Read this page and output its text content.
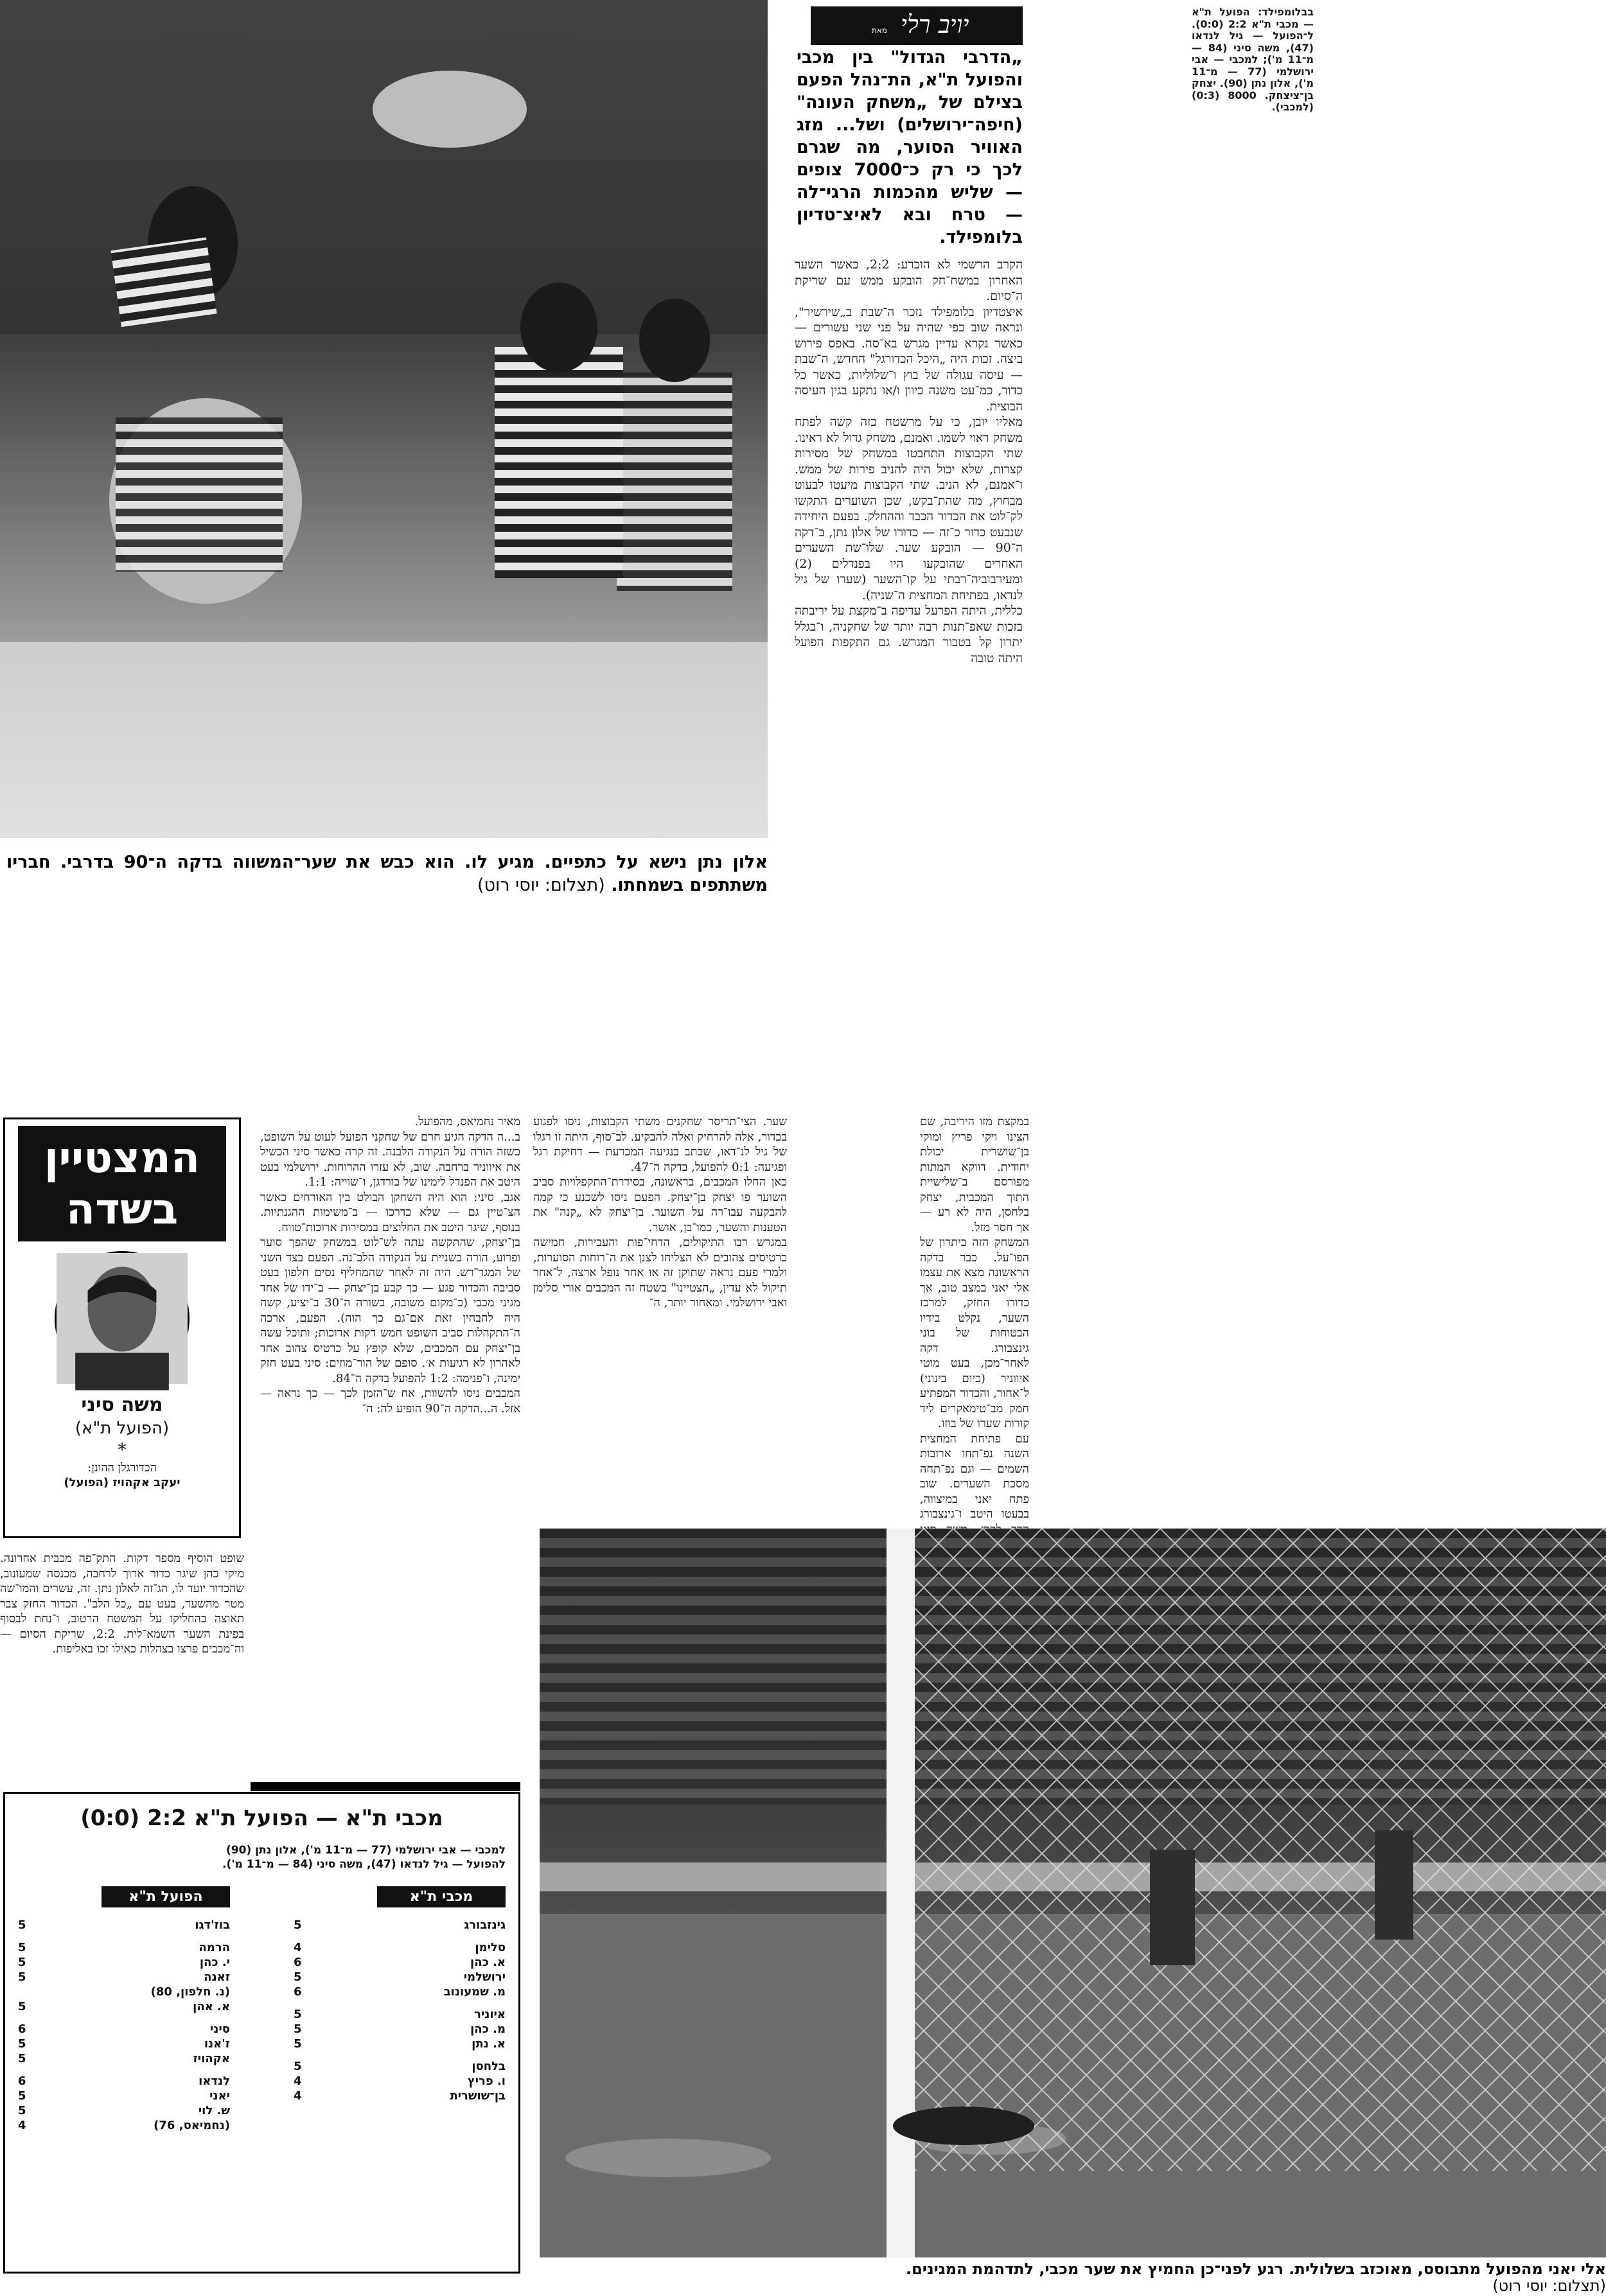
בבלומפילד: הפועל ת"א — מכבי ת"א 2:2 (0:0). ל־הפועל — גיל לנדאו (47), משה סיני (84 — מ־11 מ'); למכבי — אבי ירושלמי (77 — מ־11 מ'), אלון נתן (90). יצחק בן־ציצחק. 8000 (0:3) (למכבי).
מאת יויב רלי
„הדרבי הגדול" בין מכבי והפועל ת"א, הת־נהל הפעם בצילם של „משחק העונה" (חיפה־ירושלים) ושל... מזג האוויר הסוער, מה שגרם לכך כי רק כ־7000 צופים — שליש מהכמות הרגי־לה — טרח ובא לאיצ־טדיון בלומפילד.
הקרב הרשמי לא הוכרע: 2:2, כאשר השער האחרון במשח־חק הובקע ממש עם שריקת ה־סיום.
איצטדיון בלומפילד נזכר ה־שבת ב„שירשיר", ונראה שוב כפי שהיה על פני שני עשורים — כאשר נקרא עדיין מגרש בא־סה. באפס פירוש ביצה. זכות היה „היכל הכדורגל" החדש, ה־שבת — עיסה עגולה של בוץ ו־שלוליות, כאשר כל כדור, כמ־עט משנה כיוון ו/או נתקע בגין העיסה הבוצית.
מאליו יובן, כי על מרשטח כזה קשה לפתח משחק ראוי לשמו. ואמנם, משחק גדול לא ראינו. שתי הקבוצות התחבטו במשחק של מסירות קצרות, שלא יכול היה להניב פירות של ממש. ו־אמנם, לא הניב. שתי הקבוצות מיעטו לבעוט מבחוץ, מה שהת־בקש, שכן השוערים התקשו לק־לוט את הכדור הכבד וההחלק. בפעם היחידה שנבעט כדור כ־זה — כדורו של אלון נתן, ב־דקה ה־90 — הובקע שער. שלו־שת השערים האחרים שהובקעו היו בפנדלים (2) ומעירבוביה־רבתי על קו־השער (שערו של גיל לנדאו, בפתיחת המחצית ה־שניה).
כללית, היתה הפרעל עדיפה ב־מקצת על יריבתה בזכות שאפ־תנות רבה יותר של שחקניה, ו־בגלל יתרון קל בטבור המגרש. גם התקפות הפועל היתה טובה
אלון נתן נישא על כתפיים. מגיע לו. הוא כבש את שער־המשווה בדקה ה־90 בדרבי. חבריו משתתפים בשמחתו. (תצלום: יוסי רוט)
במקצת מזו היריבה, שם הצינו ויקי פריץ ומוקי בן־שושרית יכולת יחודית. דווקא המתות מפורסם ב־שלישיית התוך המכבית, יצחק בלחסן, היה לא רע — אך חסר מזל.
המשחק הזה ביתרון של הפו־על. כבר בדקה הראשונה מצא את עצמו אלי יאני במצב טוב, אך כדורו החזק, למרכז השער, נקלט בידיו הבטוחות של בוני גינצבורג. דקה לאחר־מכן, בעט מוטי איווניר (כיום בינוני) ל־אחור, והכדור המפתיע חמק מב־טימאקרים ליד קורות שערו של בוזו.
עם פתיחת המחצית השנה נפ־תחו ארובות השמים — וגם נפ־תחה מסכת השערים. שוב פתח יאני במיצווה, בבעטו היטב ו־גינצבורג
שער. הצי־תריסר שחקנים משתי הקבוצות, ניסו לפגוע בכדור, אלה להרחיק ואלה להבקיע. לב־סוף, היתה זו רגלו של גיל לנ־דאו, שכתב בנגיעה המכרעת — דחיקת רגל ופגיעה: 0:1 להפועל, בדקה ה־47.
כאן החלו המכבים, בראשונה, בסידרת־התקפלויות סביב השוער פו יצחק בן־יצחק. הפעם ניסו לשכנע כי קמה להבקעה עבו־רה על השוער. בן־יצחק לא „קנה" את הטענות והשער, כמו־בן, אושר.
במגרש רבו התיקולים, הדחי־פות והעבירות, חמישה כרטיסים צהובים לא הצליחו לצנן את ה־רוחות הסוערות, ולמרי פעם נראה שתוקן זה או אחר נופל ארצה, ל־אחר תיקול לא עדין, „הצטיינו" בשטח זה המכבים אורי סלימן ואבי ירושלמי. ומאחור יותר, ה־
מאיר נחמיאס, מהפועל.
ב...ה הדקה הגיע חרם של שחקני הפועל לעוט על השופט, כשזה הורה על הנקודה הלבנה. זה קרה כאשר סיני הכשיל את איווניר ברחבה. שוב, לא עזרו ההרוחות. ירושלמי בעט היטב את הפנדל לימינו של בורדגן, ו־שוייה: 1:1.
אגב, סיני: הוא היה השחקן הבולט בין האורחים כאשר הצ־טיין גם — שלא כדרכו — ב־משימות ההגנתיות. בנוסף, שיגר היטב את החלוצים במסירות ארוכות־טווח.
בן־יצחק, שהתקשה עתה לש־לוט במשחק שהפך סוער ופרוע, הורה בשניית על הנקודה הלב־נה. הפעם בצד השני של המגר־רש. היה זה לאחר שהמחליף נסים חלפון בעט סביבה והכדור פגע — כך קבע בן־יצחק — ב־ידו של אחד מגיני מכבי (כ־מקום משובה, בשורה ה־30 ב־יציע, קשה היה להבחין זאת אם־גם כך הוה). הפעם, ארכה ה־התקהלות סביב השופט חמש דקות ארוכות; ותוכל עשה בן־יצחק עם המכבים, שלא קופץ על כרטיס צהוב אחד לאהרון לא רגיעות א׳. סופם של הור־מוזים: סיני בעט חזק ימינה, ו־פנימה: 1:2 להפועל בדקה ה־84.
המכבים ניסו להשוות, אח ש־הזמן לכך — כך נראה — אזל. ה...הדקה ה־90 הופיע לה: ה־
שופט הוסיף מספר דקות. התק־פה מכבית אחרונה. מיקי כהן שיגר כדור ארוך לרחבה, מכנסה שמעונוב, שהכדור יועד לו, הג־זה לאלון נתן. זה, עשרים והמו־שה מטר מהשער, בעט עם „כל הלב". הכדור החזק צבר תאוצה בהחליקו על המשטח הרטוב, ו־נחת לבסוף בפינת השער השמא־לית. 2:2, שריקת הסיום — וה־מכבים פרצו בצהלות כאילו זכו באליפות.
המצטיין
בשדה
משה סיני
(הפועל ת"א)
*
הכדורגלן ההונן:
יעקב אקהויז (הפועל)
מכבי ת"א — הפועל ת"א 2:2 (0:0)
למכבי — אבי ירושלמי (77 — מ־11 מ'), אלון נתן (90)
להפועל — גיל לנדאו (47), משה סיני (84 — מ־11 מ').
מכבי ת"א
גינזבורג
5
סלימן
4
א. כהן
6
ירושלמי
5
מ. שמעונוב
6
איוניר
5
מ. כהן
5
א. נתן
5
בלחסן
5
ו. פריץ
4
בן־שושרית
4
הפועל ת"א
בוז'דגו
5
הרמה
5
י. כהן
5
זאנה
5
(נ. חלפון, 80)
א. אהן
5
סיני
6
ז'אנו
5
אקהויז
5
לנדאו
6
יאני
5
ש. לוי
5
(נחמיאס, 76)
4
אלי יאני מהפועל מתבוסס, מאוכזב בשלולית. רגע לפני־כן החמיץ את שער מכבי, לתדהמת המגינים.
(תצלום: יוסי רוט)
